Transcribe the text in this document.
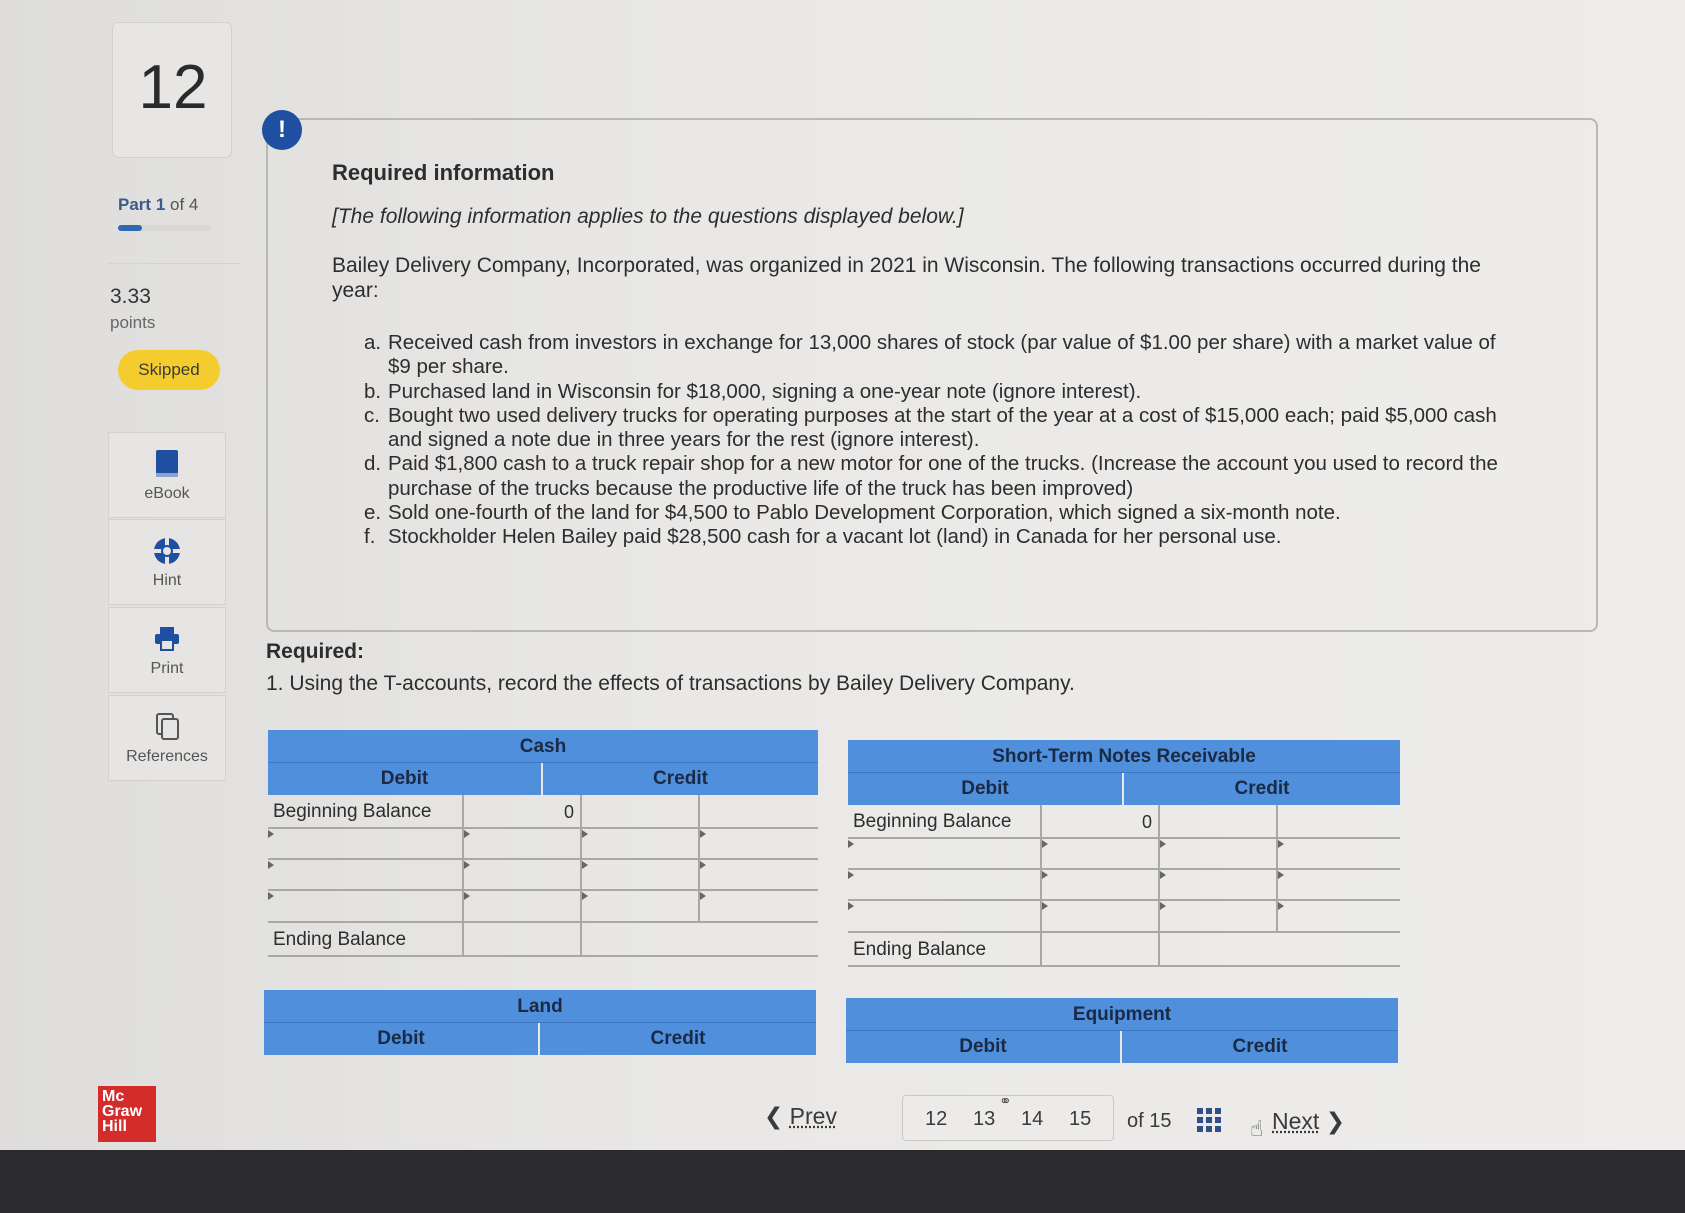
12
Part 1 of 4
3.33
points
Skipped
eBook
Hint
Print
References
Mc
Graw
Hill
!
Required information
[The following information applies to the questions displayed below.]
Bailey Delivery Company, Incorporated, was organized in 2021 in Wisconsin. The following transactions occurred during the year:
a. Received cash from investors in exchange for 13,000 shares of stock (par value of $1.00 per share) with a market value of $9 per share.
b. Purchased land in Wisconsin for $18,000, signing a one-year note (ignore interest).
c. Bought two used delivery trucks for operating purposes at the start of the year at a cost of $15,000 each; paid $5,000 cash and signed a note due in three years for the rest (ignore interest).
d. Paid $1,800 cash to a truck repair shop for a new motor for one of the trucks. (Increase the account you used to record the purchase of the trucks because the productive life of the truck has been improved)
e. Sold one-fourth of the land for $4,500 to Pablo Development Corporation, which signed a six-month note.
f. Stockholder Helen Bailey paid $28,500 cash for a vacant lot (land) in Canada for her personal use.
Required:
1. Using the T-accounts, record the effects of transactions by Bailey Delivery Company.
Cash
Debit	Credit
Beginning Balance	0
Ending Balance
Short-Term Notes Receivable
Debit	Credit
Beginning Balance	0
Ending Balance
Land
Debit	Credit
Equipment
Debit	Credit
❮ Prev
⚭
12 13 14 15 of 15	☝ Next ❯
